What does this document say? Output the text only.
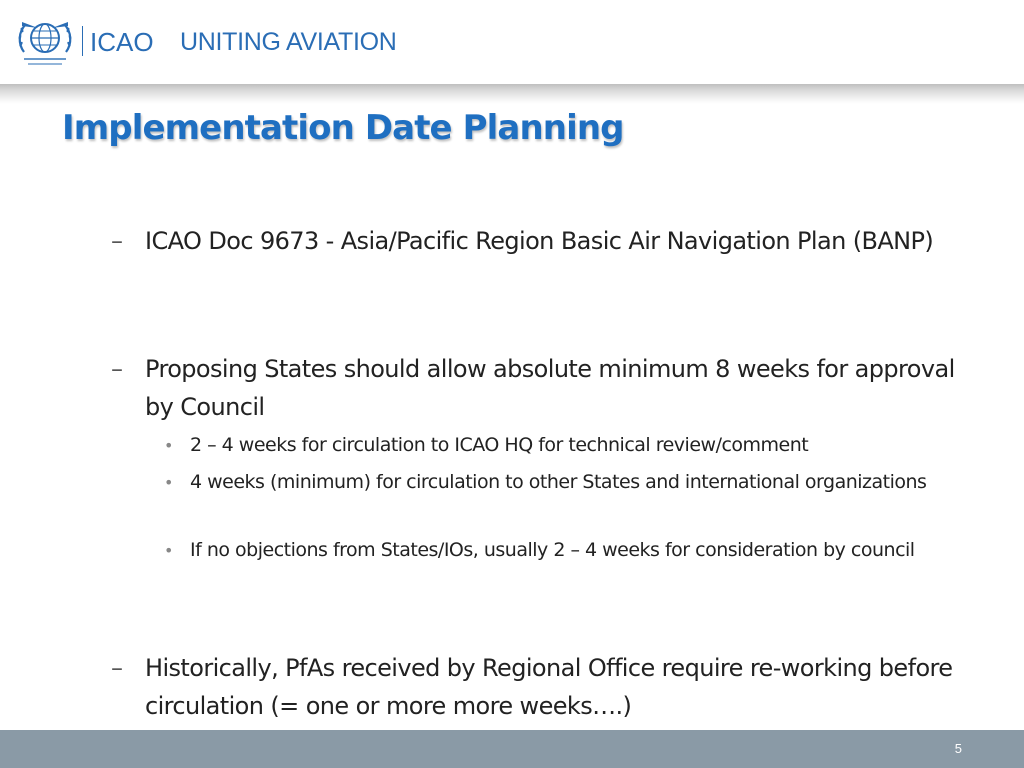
ICAO UNITING AVIATION
Implementation Date Planning
– ICAO Doc 9673 - Asia/Pacific Region Basic Air Navigation Plan (BANP)
– Proposing States should allow absolute minimum 8 weeks for approval by Council
• 2 – 4 weeks for circulation to ICAO HQ for technical review/comment
• 4 weeks (minimum) for circulation to other States and international organizations
• If no objections from States/IOs, usually 2 – 4 weeks for consideration by council
– Historically, PfAs received by Regional Office require re-working before circulation (= one or more more weeks….)
5
